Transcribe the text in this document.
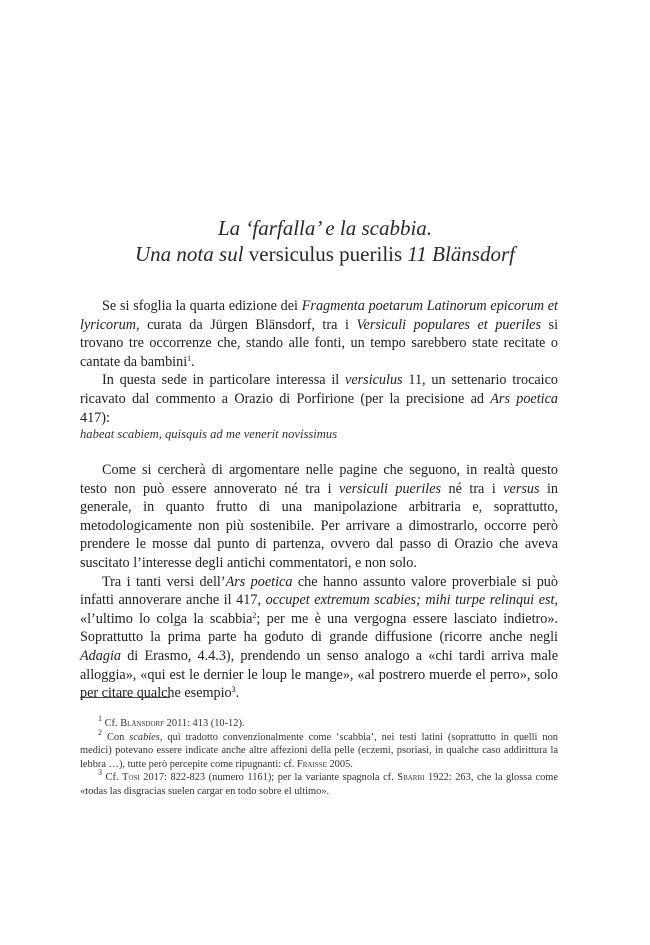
La ‘farfalla’ e la scabbia.
Una nota sul versiculus puerilis 11 Blänsdorf

Se si sfoglia la quarta edizione dei Fragmenta poetarum Latinorum epicorum et lyricorum, curata da Jürgen Blänsdorf, tra i Versiculi populares et pueriles si trovano tre occorrenze che, stando alle fonti, un tempo sarebbero state recitate o cantate da bambini$^1$.

In questa sede in particolare interessa il versiculus 11, un settenario trocaico ricavato dal commento a Orazio di Porfirione (per la precisione ad Ars poetica 417):

habeat scabiem, quisquis ad me venerit novissimus

Come si cercherà di argomentare nelle pagine che seguono, in realtà questo testo non può essere annoverato né tra i versiculi pueriles né tra i versus in generale, in quanto frutto di una manipolazione arbitraria e, soprattutto, metodologicamente non più sostenibile. Per arrivare a dimostrarlo, occorre però prendere le mosse dal punto di partenza, ovvero dal passo di Orazio che aveva suscitato l’interesse degli antichi commentatori, e non solo.

Tra i tanti versi dell’Ars poetica che hanno assunto valore proverbiale si può infatti annoverare anche il 417, occupet extremum scabies; mihi turpe relinqui est, «l’ultimo lo colga la scabbia$^2$; per me è una vergogna essere lasciato indietro». Soprattutto la prima parte ha goduto di grande diffusione (ricorre anche negli Adagia di Erasmo, 4.4.3), prendendo un senso analogo a «chi tardi arriva male alloggia», «qui est le dernier le loup le mange», «al postrero muerde el perro», solo per citare qualche esempio$^3$.

$^1$ Cf. Blänsdorf 2011: 413 (10-12).

$^2$ Con scabies, qui tradotto convenzionalmente come ‘scabbia’, nei testi latini (soprattutto in quelli non medici) potevano essere indicate anche altre affezioni della pelle (eczemi, psoriasi, in qualche caso addirittura la lebbra …), tutte però percepite come ripugnanti: cf. Fraisse 2005.

$^3$ Cf. Tosi 2017: 822-823 (numero 1161); per la variante spagnola cf. Sbarbi 1922: 263, che la glossa come «todas las disgracias suelen cargar en todo sobre el ultimo».
